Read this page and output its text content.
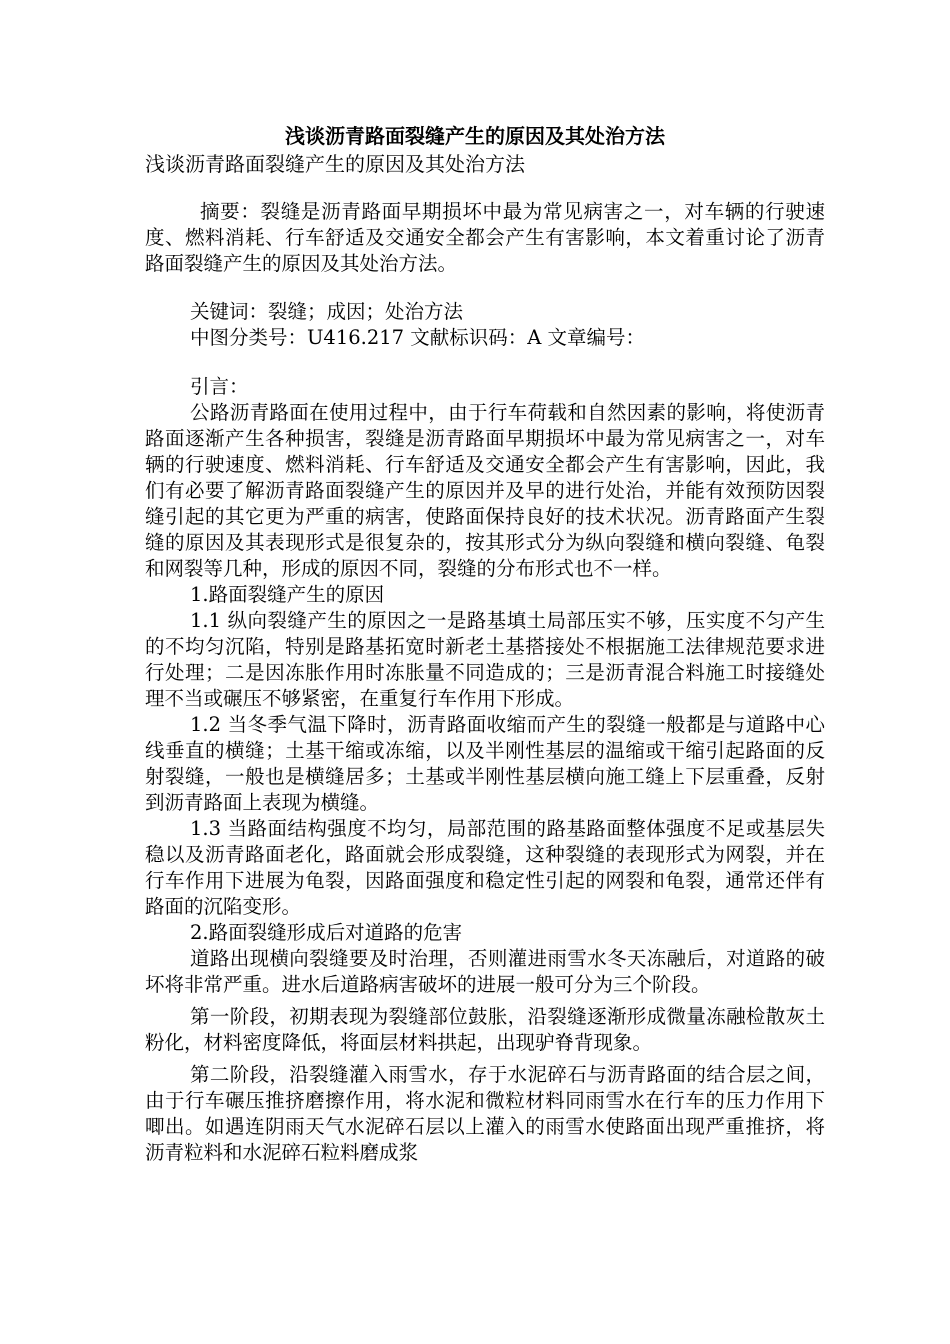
浅谈沥青路面裂缝产生的原因及其处治方法
浅谈沥青路面裂缝产生的原因及其处治方法
摘要：裂缝是沥青路面早期损坏中最为常见病害之一，对车辆的行驶速度、燃料消耗、行车舒适及交通安全都会产生有害影响，本文着重讨论了沥青路面裂缝产生的原因及其处治方法。
关键词：裂缝；成因；处治方法
中图分类号：U416.217 文献标识码：A 文章编号：
引言：
公路沥青路面在使用过程中，由于行车荷载和自然因素的影响，将使沥青路面逐渐产生各种损害，裂缝是沥青路面早期损坏中最为常见病害之一，对车辆的行驶速度、燃料消耗、行车舒适及交通安全都会产生有害影响，因此，我们有必要了解沥青路面裂缝产生的原因并及早的进行处治，并能有效预防因裂缝引起的其它更为严重的病害，使路面保持良好的技术状况。沥青路面产生裂缝的原因及其表现形式是很复杂的，按其形式分为纵向裂缝和横向裂缝、龟裂和网裂等几种，形成的原因不同，裂缝的分布形式也不一样。
1.路面裂缝产生的原因
1.1 纵向裂缝产生的原因之一是路基填土局部压实不够，压实度不匀产生的不均匀沉陷，特别是路基拓宽时新老土基搭接处不根据施工法律规范要求进行处理；二是因冻胀作用时冻胀量不同造成的；三是沥青混合料施工时接缝处理不当或碾压不够紧密，在重复行车作用下形成。
1.2 当冬季气温下降时，沥青路面收缩而产生的裂缝一般都是与道路中心线垂直的横缝；土基干缩或冻缩，以及半刚性基层的温缩或干缩引起路面的反射裂缝，一般也是横缝居多；土基或半刚性基层横向施工缝上下层重叠，反射到沥青路面上表现为横缝。
1.3 当路面结构强度不均匀，局部范围的路基路面整体强度不足或基层失稳以及沥青路面老化，路面就会形成裂缝，这种裂缝的表现形式为网裂，并在行车作用下进展为龟裂，因路面强度和稳定性引起的网裂和龟裂，通常还伴有路面的沉陷变形。
2.路面裂缝形成后对道路的危害
道路出现横向裂缝要及时治理，否则灌进雨雪水冬天冻融后，对道路的破坏将非常严重。进水后道路病害破坏的进展一般可分为三个阶段。
第一阶段，初期表现为裂缝部位鼓胀，沿裂缝逐渐形成微量冻融检散灰土粉化，材料密度降低，将面层材料拱起，出现驴脊背现象。
第二阶段，沿裂缝灌入雨雪水，存于水泥碎石与沥青路面的结合层之间，由于行车碾压推挤磨擦作用，将水泥和微粒材料同雨雪水在行车的压力作用下唧出。如遇连阴雨天气水泥碎石层以上灌入的雨雪水使路面出现严重推挤，将沥青粒料和水泥碎石粒料磨成浆
